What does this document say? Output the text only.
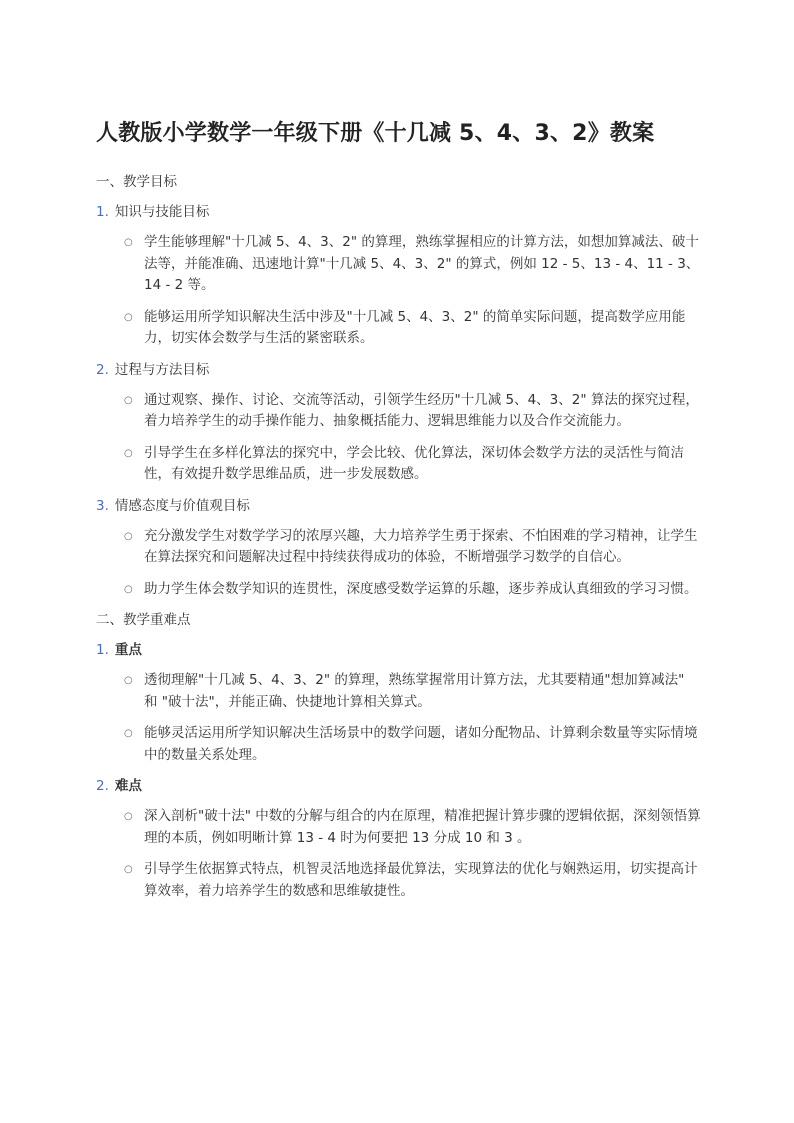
人教版小学数学一年级下册《十几减 5、4、3、2》教案
一、教学目标
1. 知识与技能目标
○ 学生能够理解"十几减 5、4、3、2" 的算理，熟练掌握相应的计算方法，如想加算减法、破十法等，并能准确、迅速地计算"十几减 5、4、3、2" 的算式，例如 12 - 5、13 - 4、11 - 3、14 - 2 等。
○ 能够运用所学知识解决生活中涉及"十几减 5、4、3、2" 的简单实际问题，提高数学应用能力，切实体会数学与生活的紧密联系。
2. 过程与方法目标
○ 通过观察、操作、讨论、交流等活动，引领学生经历"十几减 5、4、3、2" 算法的探究过程，着力培养学生的动手操作能力、抽象概括能力、逻辑思维能力以及合作交流能力。
○ 引导学生在多样化算法的探究中，学会比较、优化算法，深切体会数学方法的灵活性与简洁性，有效提升数学思维品质，进一步发展数感。
3. 情感态度与价值观目标
○ 充分激发学生对数学学习的浓厚兴趣，大力培养学生勇于探索、不怕困难的学习精神，让学生在算法探究和问题解决过程中持续获得成功的体验，不断增强学习数学的自信心。
○ 助力学生体会数学知识的连贯性，深度感受数学运算的乐趣，逐步养成认真细致的学习习惯。
二、教学重难点
1. 重点
○ 透彻理解"十几减 5、4、3、2" 的算理，熟练掌握常用计算方法，尤其要精通"想加算减法" 和 "破十法"，并能正确、快捷地计算相关算式。
○ 能够灵活运用所学知识解决生活场景中的数学问题，诸如分配物品、计算剩余数量等实际情境中的数量关系处理。
2. 难点
○ 深入剖析"破十法" 中数的分解与组合的内在原理，精准把握计算步骤的逻辑依据，深刻领悟算理的本质，例如明晰计算 13 - 4 时为何要把 13 分成 10 和 3 。
○ 引导学生依据算式特点，机智灵活地选择最优算法，实现算法的优化与娴熟运用，切实提高计算效率，着力培养学生的数感和思维敏捷性。
